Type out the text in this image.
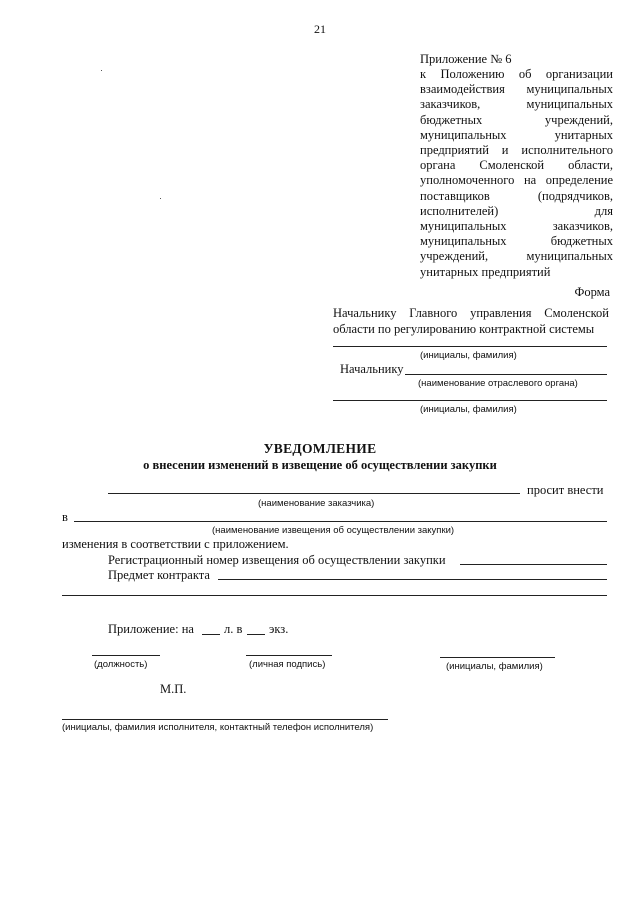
21
Приложение № 6
к Положению об организации
взаимодействия муниципальных
заказчиков, муниципальных
бюджетных учреждений,
муниципальных унитарных
предприятий и исполнительного
органа Смоленской области,
уполномоченного на определение
поставщиков (подрядчиков,
исполнителей) для
муниципальных заказчиков,
муниципальных бюджетных
учреждений, муниципальных
унитарных предприятий
Форма
Начальнику Главного управления Смоленской
области по регулированию контрактной системы
(инициалы, фамилия)
Начальнику
(наименование отраслевого органа)
(инициалы, фамилия)
УВЕДОМЛЕНИЕ
о внесении изменений в извещение об осуществлении закупки
просит внести
(наименование заказчика)
в
(наименование извещения об осуществлении закупки)
изменения в соответствии с приложением.
Регистрационный номер извещения об осуществлении закупки
Предмет контракта
Приложение: на л. в экз.
(должность)	(личная подпись)	(инициалы, фамилия)
М.П.
(инициалы, фамилия исполнителя, контактный телефон исполнителя)
